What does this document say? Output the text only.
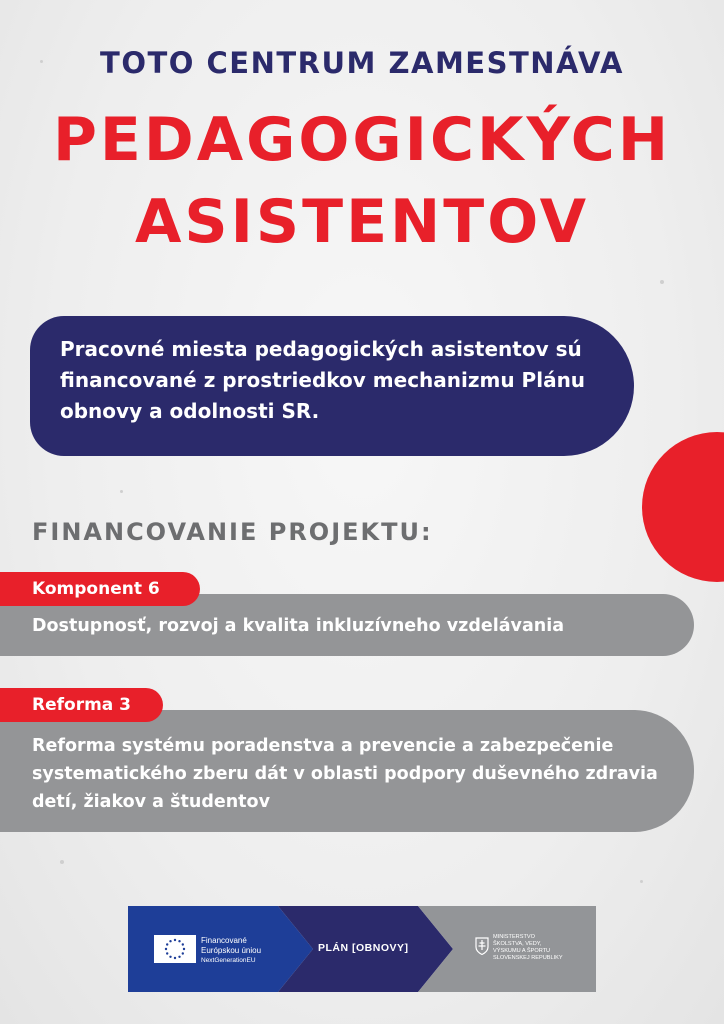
TOTO CENTRUM ZAMESTNÁVA
PEDAGOGICKÝCH
ASISTENTOV

Pracovné miesta pedagogických asistentov sú financované z prostriedkov mechanizmu Plánu obnovy a odolnosti SR.

FINANCOVANIE PROJEKTU:

Dostupnosť, rozvoj a kvalita inkluzívneho vzdelávania

Komponent 6

Reforma systému poradenstva a prevencie a zabezpečenie systematického zberu dát v oblasti podpory duševného zdravia detí, žiakov a študentov

Reforma 3
Financované
Európskou úniou
NextGenerationEU
PLÁN [OBNOVY]
MINISTERSTVO
ŠKOLSTVA, VEDY,
VÝSKUMU A ŠPORTU
SLOVENSKEJ REPUBLIKY
